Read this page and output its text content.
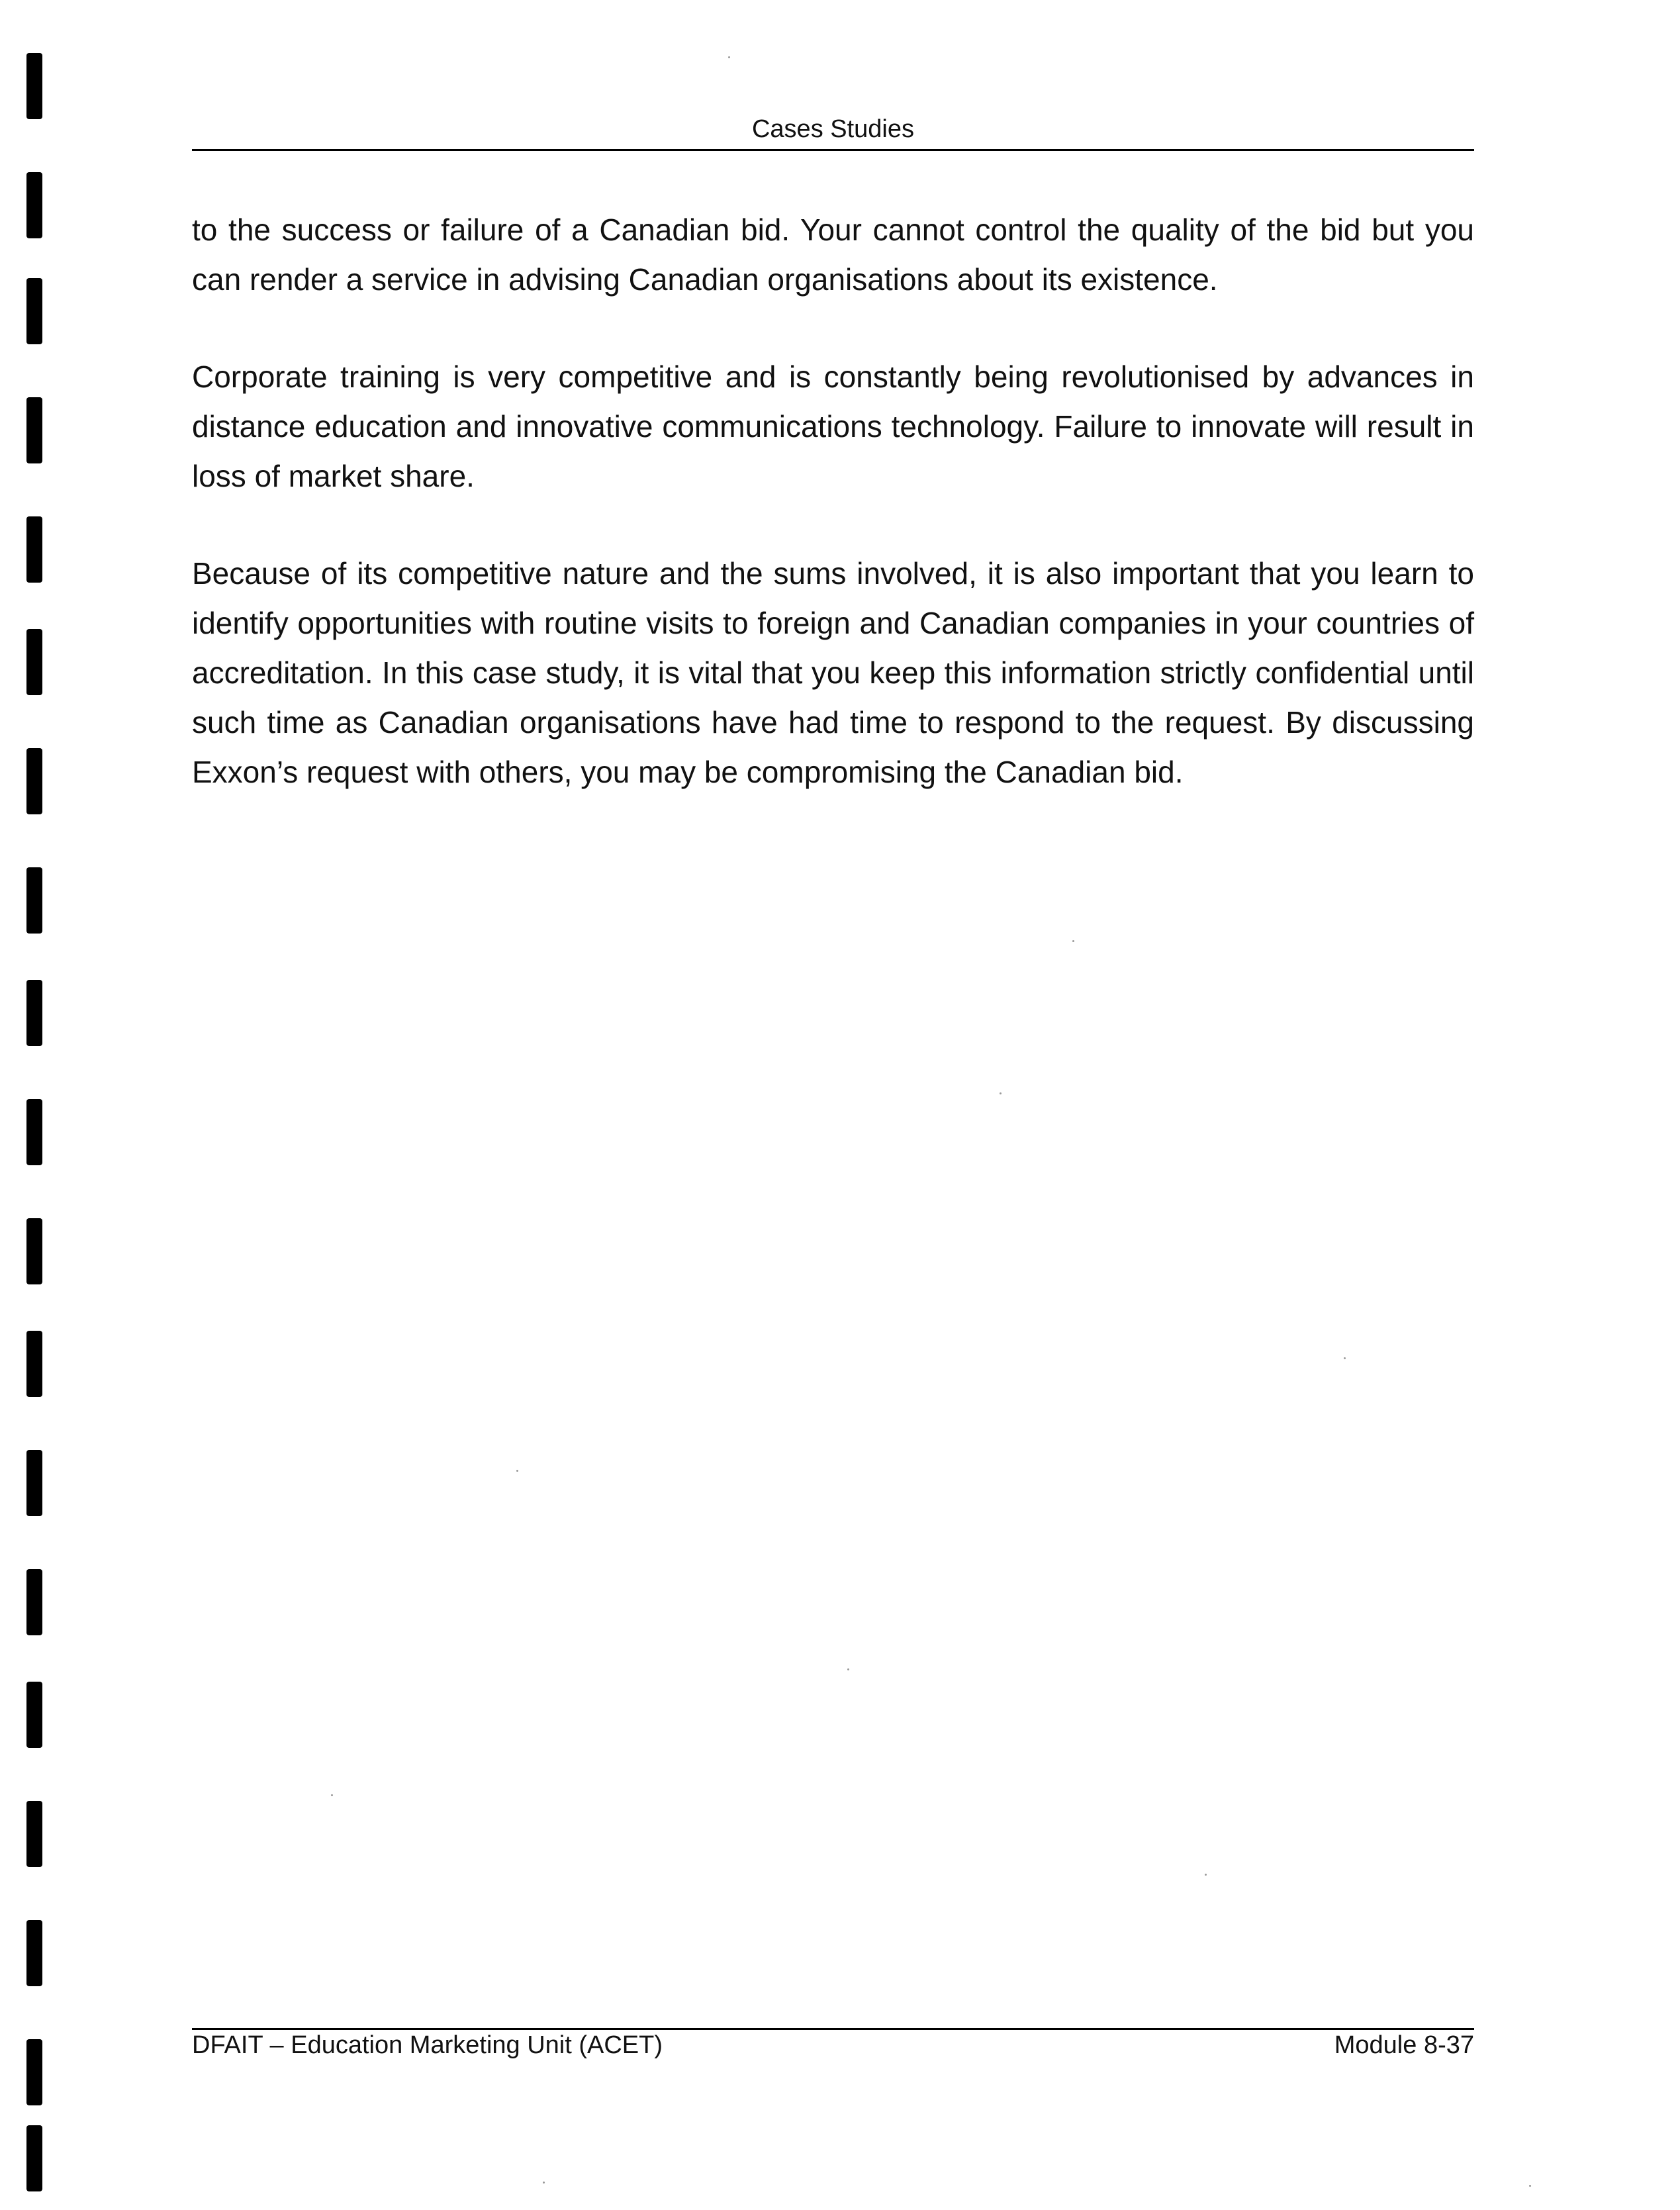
Cases Studies

to the success or failure of a Canadian bid. Your cannot control the quality of the bid but you can render a service in advising Canadian organisations about its existence.

Corporate training is very competitive and is constantly being revolutionised by advances in distance education and innovative communications technology. Failure to innovate will result in loss of market share.

Because of its competitive nature and the sums involved, it is also important that you learn to identify opportunities with routine visits to foreign and Canadian companies in your countries of accreditation. In this case study, it is vital that you keep this information strictly confidential until such time as Canadian organisations have had time to respond to the request. By discussing Exxon’s request with others, you may be compromising the Canadian bid.

DFAIT – Education Marketing Unit (ACET)	Module 8-37
